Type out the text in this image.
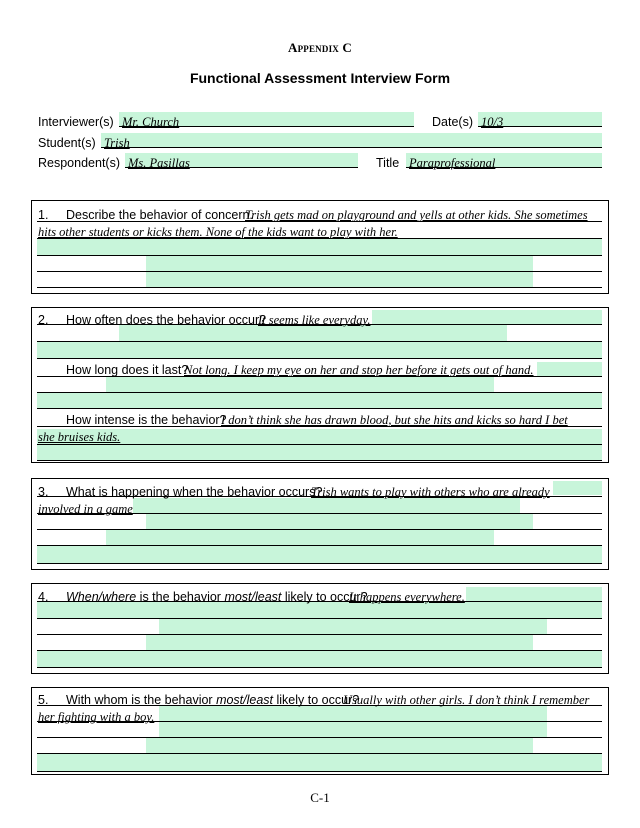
Appendix C
Functional Assessment Interview Form
Interviewer(s) Mr. Church	Date(s) 10/3
Student(s) Trish
Respondent(s) Ms. Pasillas	Title Paraprofessional
1. Describe the behavior of concern.
Trish gets mad on playground and yells at other kids. She sometimes
hits other students or kicks them. None of the kids want to play with her.
2. How often does the behavior occur?
It seems like everyday.
How long does it last?
Not long. I keep my eye on her and stop her before it gets out of hand.
How intense is the behavior?
I don’t think she has drawn blood, but she hits and kicks so hard I bet
she bruises kids.
3. What is happening when the behavior occurs?
Trish wants to play with others who are already
involved in a game
4. When/where is the behavior most/least likely to occur?
It happens everywhere.
5. With whom is the behavior most/least likely to occur?
Usually with other girls. I don’t think I remember
her fighting with a boy.
C-1
